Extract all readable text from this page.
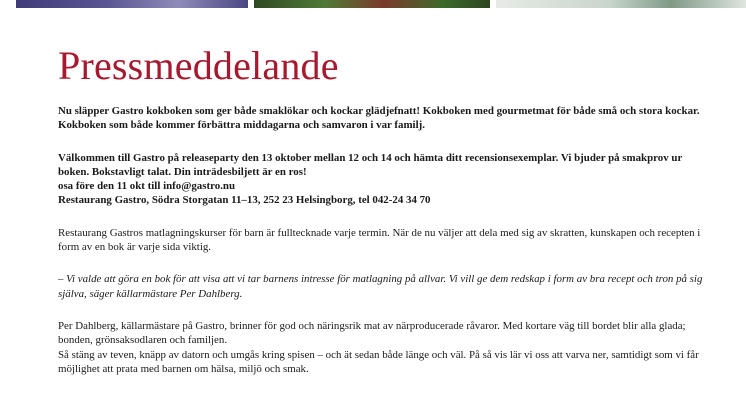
Pressmeddelande

Nu släpper Gastro kokboken som ger både smaklökar och kockar glädjefnatt! Kokboken med gourmetmat för både små och stora kockar. Kokboken som både kommer förbättra middagarna och samvaron i var familj.

Välkommen till Gastro på releaseparty den 13 oktober mellan 12 och 14 och hämta ditt recensionsexemplar. Vi bjuder på smakprov ur boken. Bokstavligt talat. Din inträdesbiljett är en ros!
osa före den 11 okt till info@gastro.nu
Restaurang Gastro, Södra Storgatan 11–13, 252 23 Helsingborg, tel 042-24 34 70

Restaurang Gastros matlagningskurser för barn är fulltecknade varje termin. När de nu väljer att dela med sig av skratten, kunskapen och recepten i form av en bok är varje sida viktig.

– Vi valde att göra en bok för att visa att vi tar barnens intresse för matlagning på allvar. Vi vill ge dem redskap i form av bra recept och tron på sig själva, säger källarmästare Per Dahlberg.

Per Dahlberg, källarmästare på Gastro, brinner för god och näringsrik mat av närproducerade råvaror. Med kortare väg till bordet blir alla glada; bonden, grönsaksodlaren och familjen.
Så stäng av teven, knäpp av datorn och umgås kring spisen – och ät sedan både länge och väl. På så vis lär vi oss att varva ner, samtidigt som vi får möjlighet att prata med barnen om hälsa, miljö och smak.
